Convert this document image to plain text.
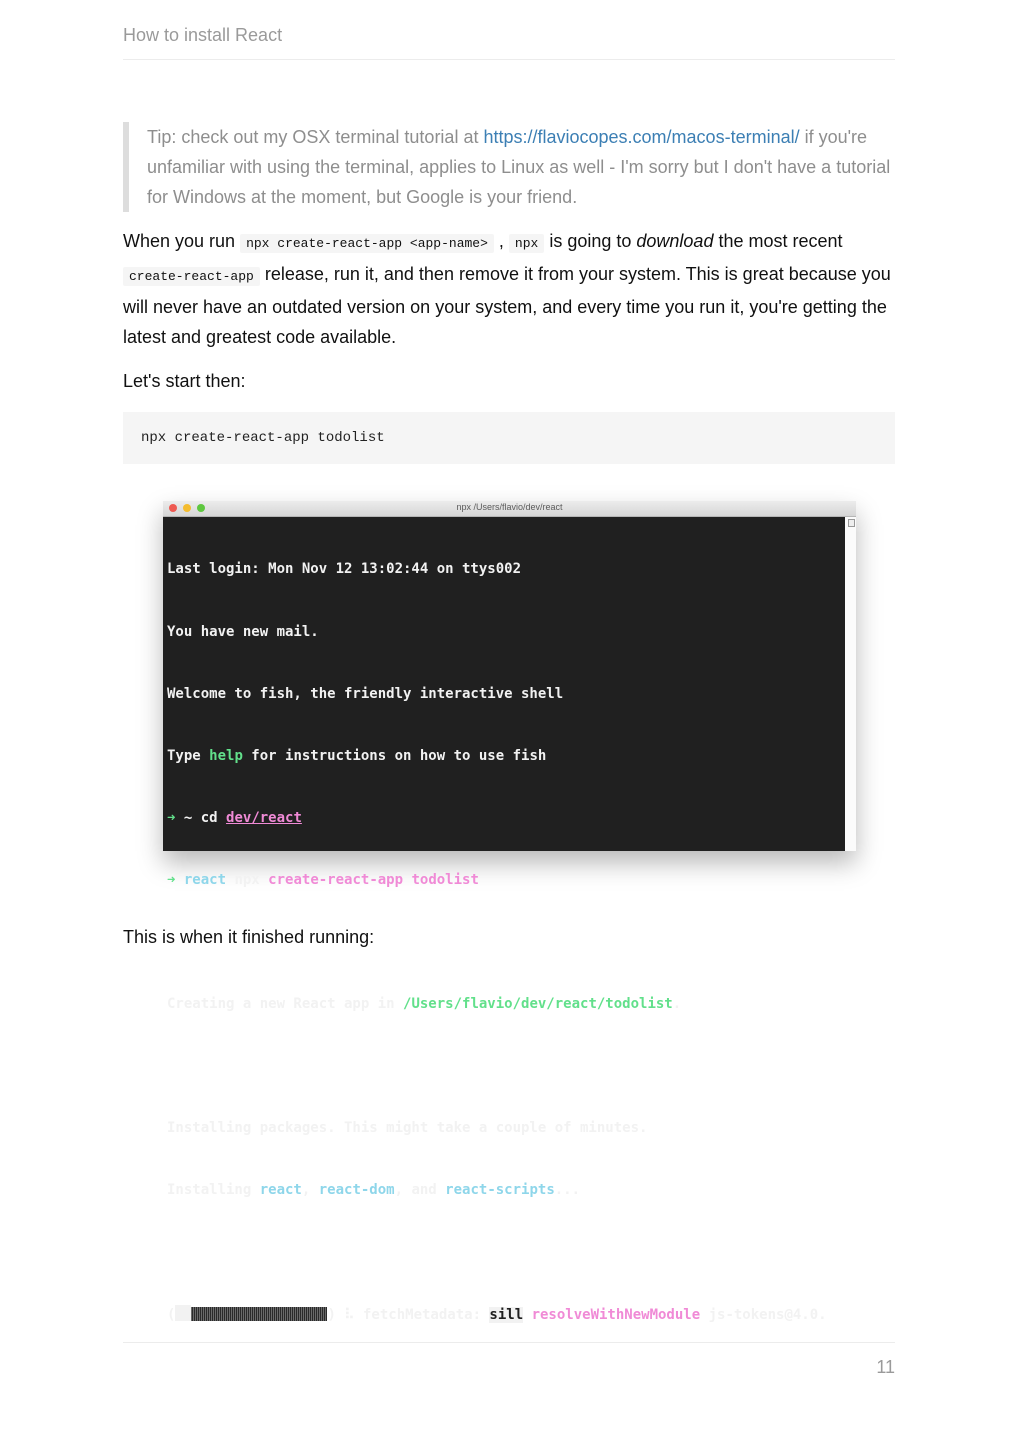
How to install React
Tip: check out my OSX terminal tutorial at https://flaviocopes.com/macos-terminal/ if you're unfamiliar with using the terminal, applies to Linux as well - I'm sorry but I don't have a tutorial for Windows at the moment, but Google is your friend.

When you run npx create-react-app <app-name> , npx is going to download the most recent create-react-app release, run it, and then remove it from your system. This is great because you will never have an outdated version on your system, and every time you run it, you're getting the latest and greatest code available.

Let's start then:

npx create-react-app todolist
npx /Users/flavio/dev/react

Last login: Mon Nov 12 13:02:44 on ttys002

You have new mail.

Welcome to fish, the friendly interactive shell

Type help for instructions on how to use fish

➜ ~ cd dev/react

➜ react npx create-react-app todolist

Creating a new React app in /Users/flavio/dev/react/todolist.

Installing packages. This might take a couple of minutes.

Installing react, react-dom, and react-scripts...

(	) ⠧ fetchMetadata: sill resolveWithNewModule js-tokens@4.0.

This is when it finished running:

11
